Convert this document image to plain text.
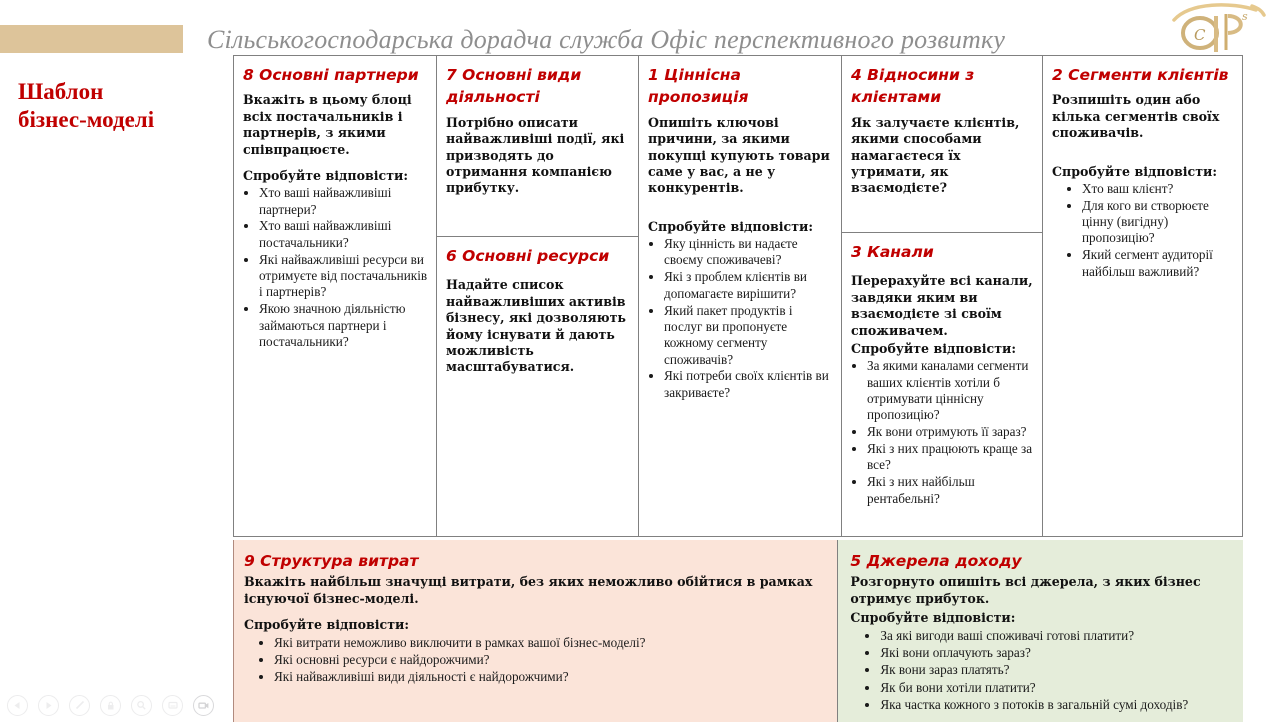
Сільськогосподарська дорадча служба Офіс перспективного розвитку	C
s
Шаблон
бізнес-моделі
8 Основні партнери
Вкажіть в цьому блоці всіх постачальників і партнерів, з якими співпрацюєте.
Спробуйте відповісти:
• Хто ваші найважливіші партнери?
• Хто ваші найважливіші постачальники?
• Які найважливіші ресурси ви отримуєте від постачальників і партнерів?
• Якою значною діяльністю займаються партнери і постачальники?
7 Основні види діяльності
Потрібно описати найважливіші події, які призводять до отримання компанією прибутку.
6 Основні ресурси
Надайте список найважливіших активів бізнесу, які дозволяють йому існувати й дають можливість масштабуватися.
1 Ціннісна пропозиція
Опишіть ключові причини, за якими покупці купують товари саме у вас, а не у конкурентів.
Спробуйте відповісти:
• Яку цінність ви надаєте своєму споживачеві?
• Які з проблем клієнтів ви допомагаєте вирішити?
• Який пакет продуктів і послуг ви пропонуєте кожному сегменту споживачів?
• Які потреби своїх клієнтів ви закриваєте?
4 Відносини з клієнтами
Як залучаєте клієнтів, якими способами намагаєтеся їх утримати, як взаємодієте?
3 Канали
Перерахуйте всі канали, завдяки яким ви взаємодієте зі своїм споживачем.
Спробуйте відповісти:
• За якими каналами сегменти ваших клієнтів хотіли б отримувати ціннісну пропозицію?
• Як вони отримують її зараз?
• Які з них працюють краще за все?
• Які з них найбільш рентабельні?
2 Сегменти клієнтів
Розпишіть один або кілька сегментів своїх споживачів.
Спробуйте відповісти:
• Хто ваш клієнт?
• Для кого ви створюєте цінну (вигідну) пропозицію?
• Який сегмент аудиторії найбільш важливий?
9 Структура витрат
Вкажіть найбільш значущі витрати, без яких неможливо обійтися в рамках існуючої бізнес-моделі.
Спробуйте відповісти:
• Які витрати неможливо виключити в рамках вашої бізнес-моделі?
• Які основні ресурси є найдорожчими?
• Які найважливіші види діяльності є найдорожчими?
5 Джерела доходу
Розгорнуто опишіть всі джерела, з яких бізнес отримує прибуток.
Спробуйте відповісти:
• За які вигоди ваші споживачі готові платити?
• Які вони оплачують зараз?
• Як вони зараз платять?
• Як би вони хотіли платити?
• Яка частка кожного з потоків в загальній сумі доходів?
